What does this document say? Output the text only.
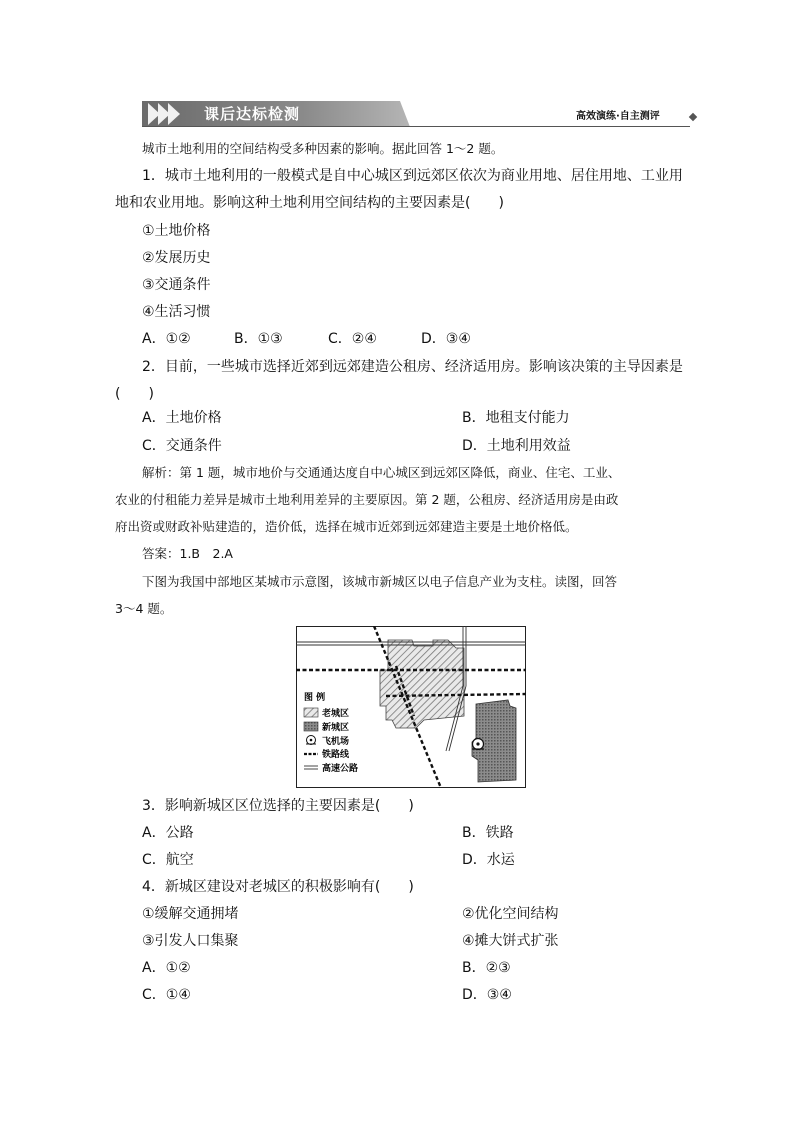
课后达标检测	高效演练·自主测评
城市土地利用的空间结构受多种因素的影响。据此回答 1～2 题。
1．城市土地利用的一般模式是自中心城区到远郊区依次为商业用地、居住用地、工业用
地和农业用地。影响这种土地利用空间结构的主要因素是(　　)
①土地价格
②发展历史
③交通条件
④生活习惯
A．①②	B．①③	C．②④	D．③④
2．目前，一些城市选择近郊到远郊建造公租房、经济适用房。影响该决策的主导因素是
(　　)
A．土地价格	B．地租支付能力
C．交通条件	D．土地利用效益
解析：第 1 题，城市地价与交通通达度自中心城区到远郊区降低，商业、住宅、工业、
农业的付租能力差异是城市土地利用差异的主要原因。第 2 题，公租房、经济适用房是由政
府出资或财政补贴建造的，造价低，选择在城市近郊到远郊建造主要是土地价格低。
答案：1.B　2.A
下图为我国中部地区某城市示意图，该城市新城区以电子信息产业为支柱。读图，回答
3～4 题。
图 例
老城区
新城区
飞机场
铁路线
高速公路
3．影响新城区区位选择的主要因素是(　　)
A．公路	B．铁路
C．航空	D．水运
4．新城区建设对老城区的积极影响有(　　)
①缓解交通拥堵	②优化空间结构
③引发人口集聚	④摊大饼式扩张
A．①②	B．②③
C．①④	D．③④
